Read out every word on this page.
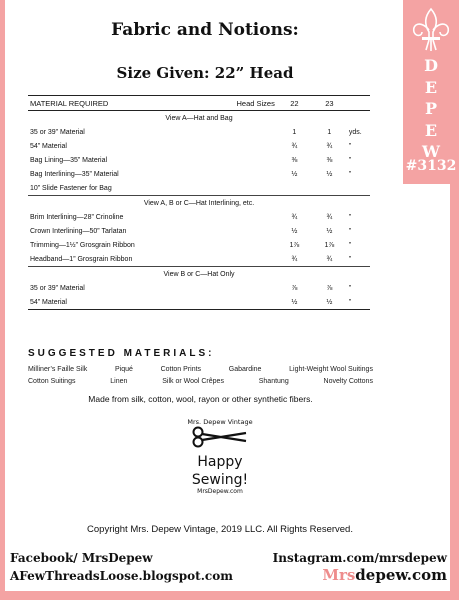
D
E
P
E
W
#3132
Fabric and Notions:
Size Given: 22” Head
MATERIAL REQUIRED	Head Sizes	22	23	
View A—Hat and Bag				
35 or 39” Material		1	1	yds.
54” Material		¾	¾	”
Bag Lining—35” Material		⅜	⅜	”
Bag Interlining—35” Material		½	½	”
10” Slide Fastener for Bag				
View A, B or C—Hat Interlining, etc.				
Brim Interlining—28” Crinoline		¾	¾	”
Crown Interlining—50” Tarlatan		½	½	”
Trimming—1½” Grosgrain Ribbon		1⅞	1⅞	”
Headband—1” Grosgrain Ribbon		¾	¾	”
View B or C—Hat Only				
35 or 39” Material		⅞	⅞	”
54” Material		½	½	”
SUGGESTED MATERIALS:
Milliner’s Faille Silk	Piqué	Cotton Prints	Gabardine	Light-Weight Wool Suitings
Cotton Suitings	Linen	Silk or Wool Crêpes	Shantung	Novelty Cottons
Made from silk, cotton, wool, rayon or other synthetic fibers.
Mrs. Depew Vintage
Happy
Sewing!
MrsDepew.com
Copyright Mrs. Depew Vintage, 2019 LLC. All Rights Reserved.
Facebook/ MrsDepew
AFewThreadsLoose.blogspot.com
Instagram.com/mrsdepew
Mrsdepew.com
